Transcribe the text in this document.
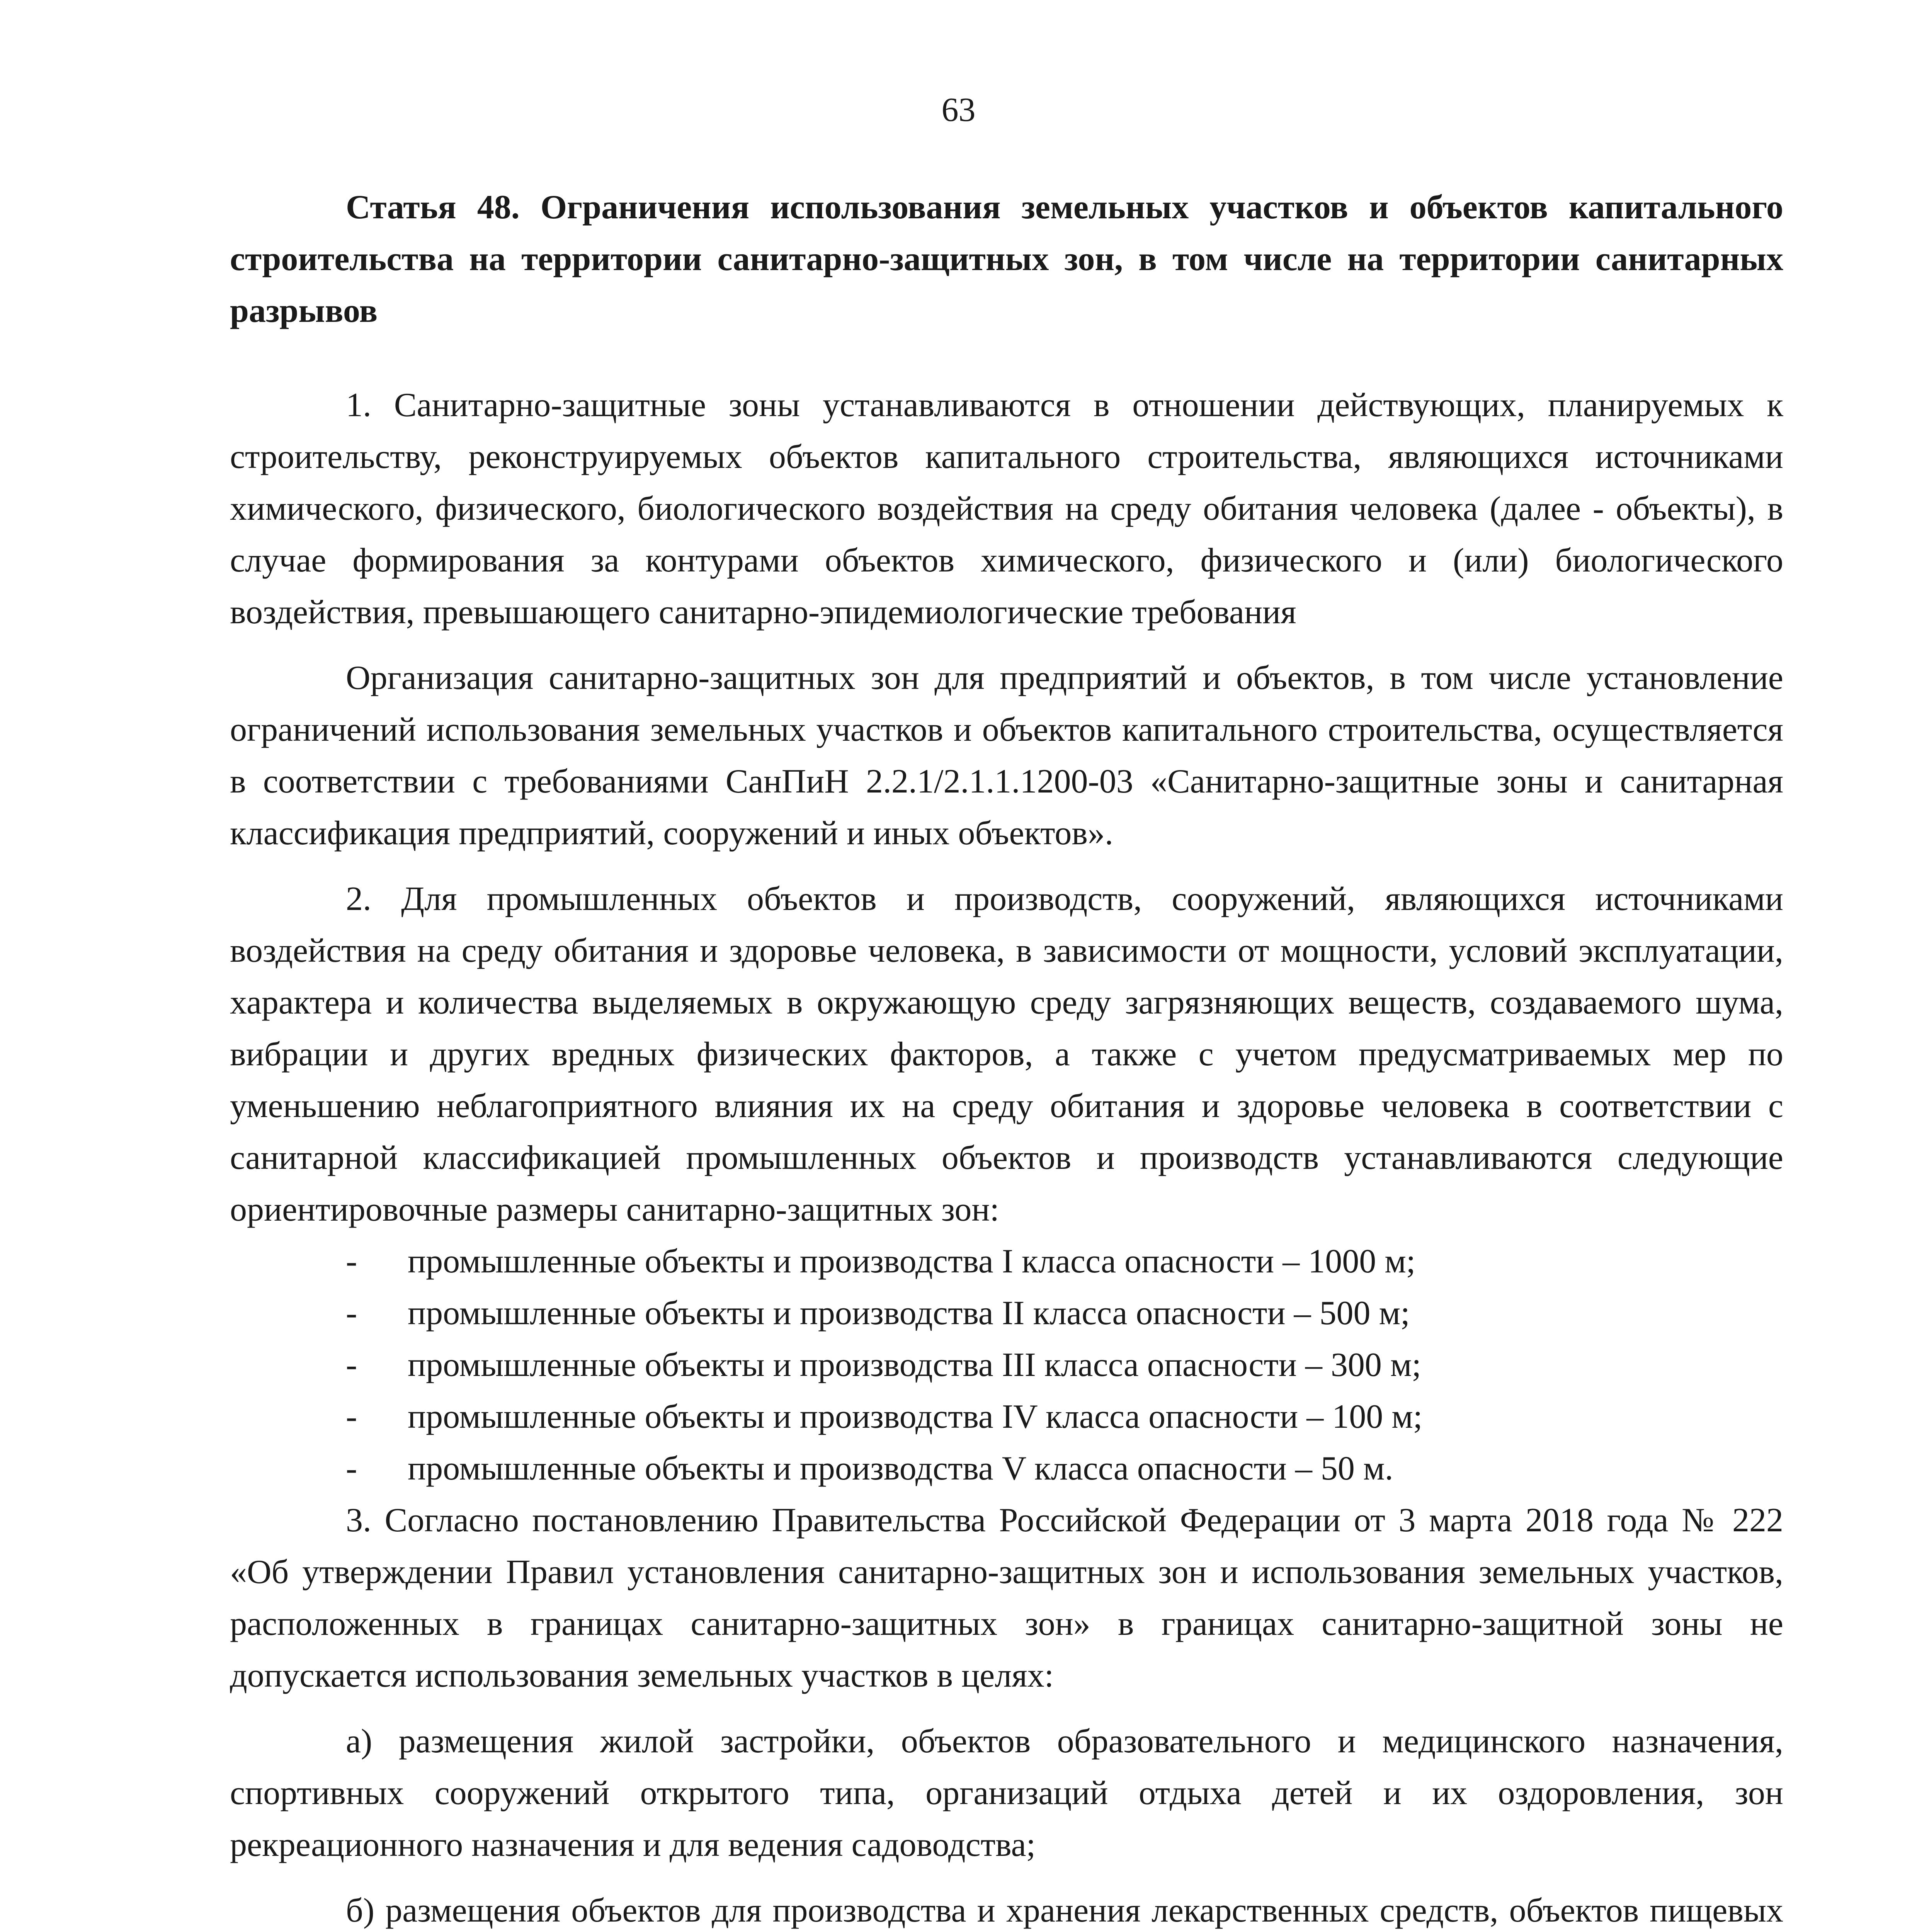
63

Статья 48. Ограничения использования земельных участков и объектов капитального строительства на территории санитарно-защитных зон, в том числе на территории санитарных разрывов

1. Санитарно-защитные зоны устанавливаются в отношении действующих, планируемых к строительству, реконструируемых объектов капитального строительства, являющихся источниками химического, физического, биологического воздействия на среду обитания человека (далее - объекты), в случае формирования за контурами объектов химического, физического и (или) биологического воздействия, превышающего санитарно-эпидемиологические требования

Организация санитарно-защитных зон для предприятий и объектов, в том числе установление ограничений использования земельных участков и объектов капитального строительства, осуществляется в соответствии с требованиями СанПиН 2.2.1/2.1.1.1200-03 «Санитарно-защитные зоны и санитарная классификация предприятий, сооружений и иных объектов».

2. Для промышленных объектов и производств, сооружений, являющихся источниками воздействия на среду обитания и здоровье человека, в зависимости от мощности, условий эксплуатации, характера и количества выделяемых в окружающую среду загрязняющих веществ, создаваемого шума, вибрации и других вредных физических факторов, а также с учетом предусматриваемых мер по уменьшению неблагоприятного влияния их на среду обитания и здоровье человека в соответствии с санитарной классификацией промышленных объектов и производств устанавливаются следующие ориентировочные размеры санитарно-защитных зон:

- промышленные объекты и производства I класса опасности – 1000 м;
- промышленные объекты и производства II класса опасности – 500 м;
- промышленные объекты и производства III класса опасности – 300 м;
- промышленные объекты и производства IV класса опасности – 100 м;
- промышленные объекты и производства V класса опасности – 50 м.

3. Согласно постановлению Правительства Российской Федерации от 3 марта 2018 года № 222 «Об утверждении Правил установления санитарно-защитных зон и использования земельных участков, расположенных в границах санитарно-защитных зон» в границах санитарно-защитной зоны не допускается использования земельных участков в целях:

а) размещения жилой застройки, объектов образовательного и медицинского назначения, спортивных сооружений открытого типа, организаций отдыха детей и их оздоровления, зон рекреационного назначения и для ведения садоводства;

б) размещения объектов для производства и хранения лекарственных средств, объектов пищевых
